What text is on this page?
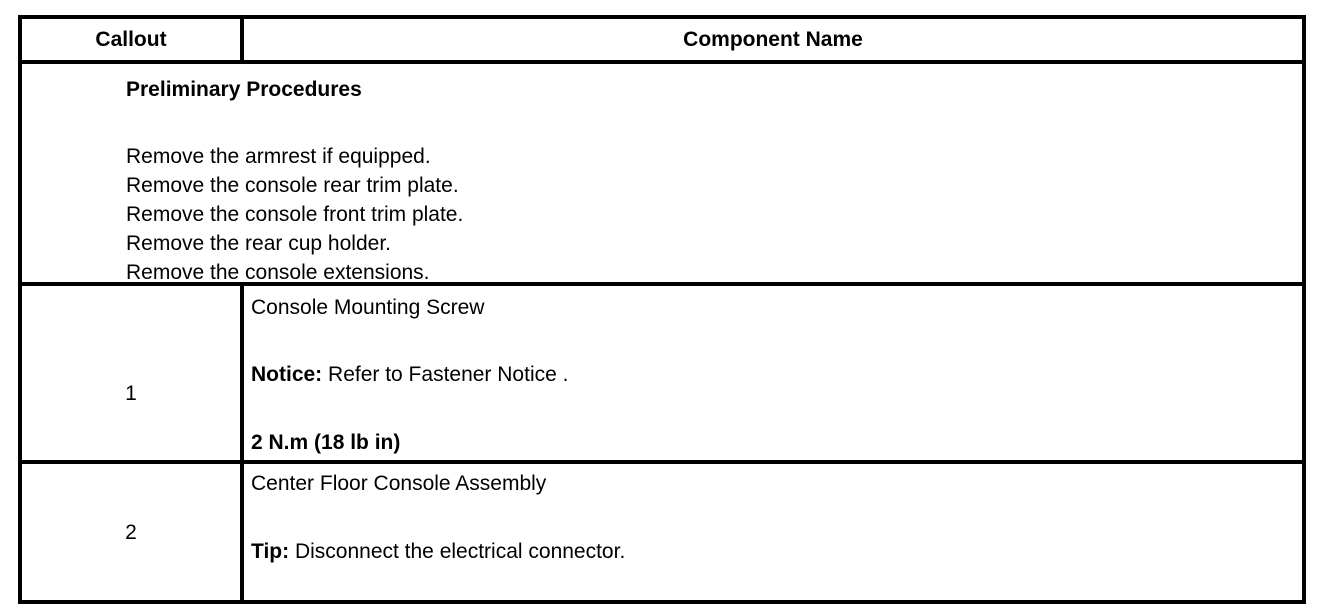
Callout	Component Name
Preliminary Procedures
Remove the armrest if equipped.
Remove the console rear trim plate.
Remove the console front trim plate.
Remove the rear cup holder.
Remove the console extensions.
1
Console Mounting Screw
Notice: Refer to Fastener Notice .
2 N.m (18 lb in)
2
Center Floor Console Assembly
Tip: Disconnect the electrical connector.
